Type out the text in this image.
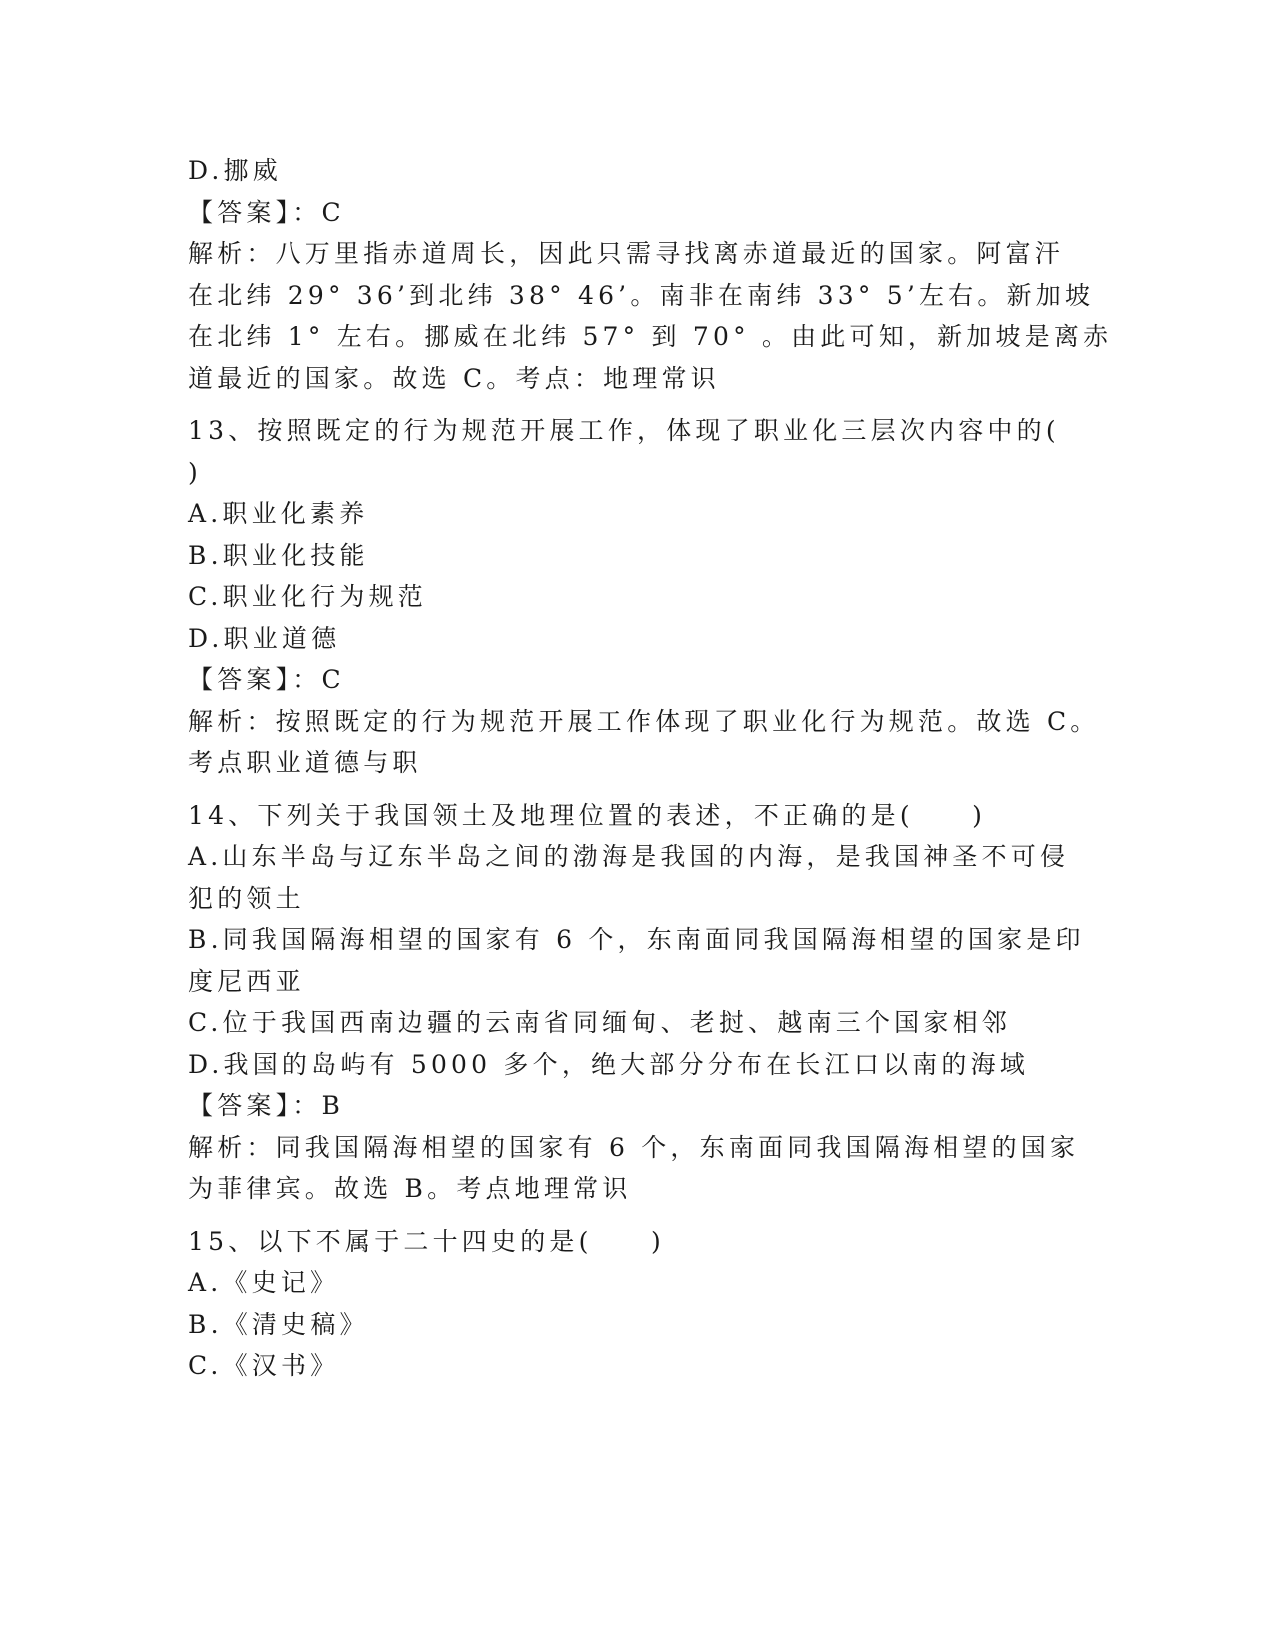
D.挪威
【答案】：C
解析：八万里指赤道周长，因此只需寻找离赤道最近的国家。阿富汗
在北纬 29° 36’到北纬 38° 46’。南非在南纬 33° 5’左右。新加坡
在北纬 1° 左右。挪威在北纬 57° 到 70° 。由此可知，新加坡是离赤
道最近的国家。故选 C。考点：地理常识
13、按照既定的行为规范开展工作，体现了职业化三层次内容中的(
)
A.职业化素养
B.职业化技能
C.职业化行为规范
D.职业道德
【答案】：C
解析：按照既定的行为规范开展工作体现了职业化行为规范。故选 C。
考点职业道德与职
14、下列关于我国领土及地理位置的表述，不正确的是(　　)
A.山东半岛与辽东半岛之间的渤海是我国的内海，是我国神圣不可侵
犯的领土
B.同我国隔海相望的国家有 6 个，东南面同我国隔海相望的国家是印
度尼西亚
C.位于我国西南边疆的云南省同缅甸、老挝、越南三个国家相邻
D.我国的岛屿有 5000 多个，绝大部分分布在长江口以南的海域
【答案】：B
解析：同我国隔海相望的国家有 6 个，东南面同我国隔海相望的国家
为菲律宾。故选 B。考点地理常识
15、以下不属于二十四史的是(　　)
A.《史记》
B.《清史稿》
C.《汉书》
